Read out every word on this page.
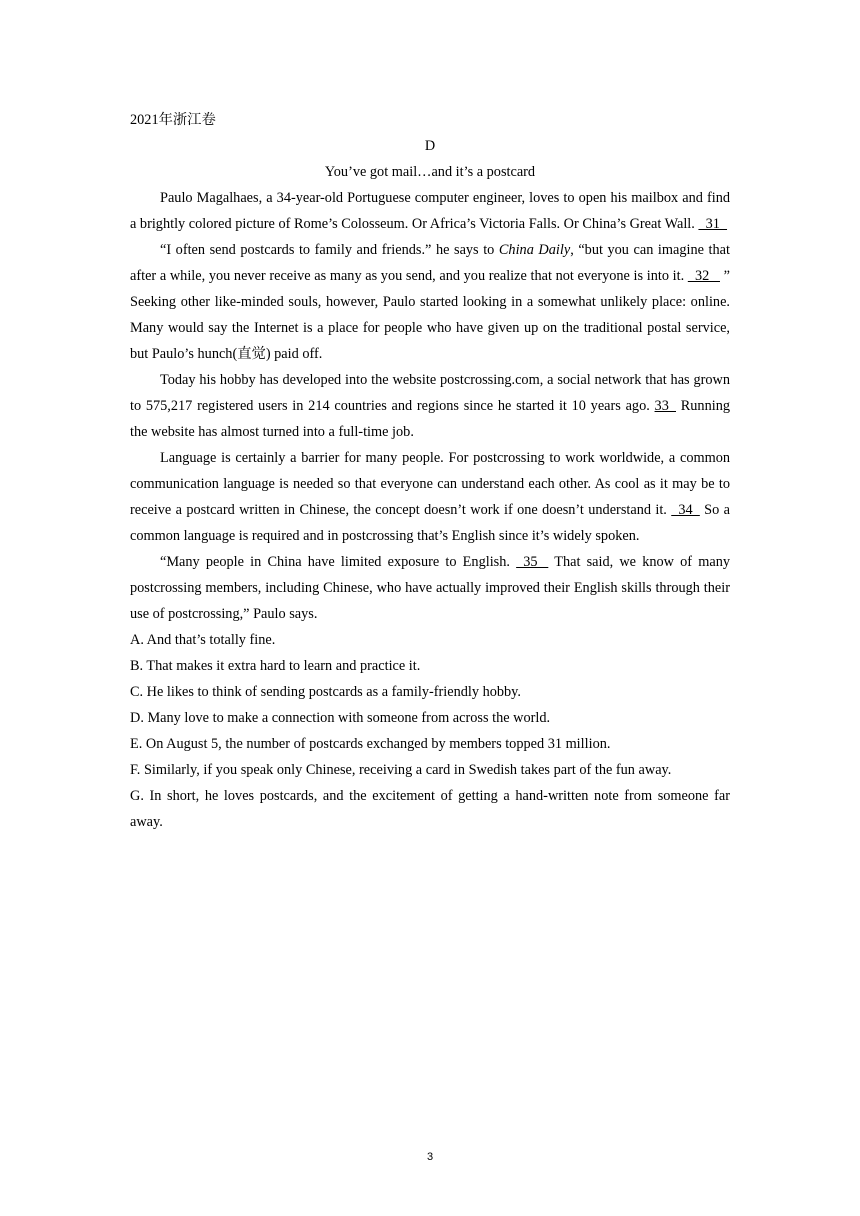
2021年浙江卷

D

You’ve got mail…and it’s a postcard

Paulo Magalhaes, a 34-year-old Portuguese computer engineer, loves to open his mailbox and find a brightly colored picture of Rome’s Colosseum. Or Africa’s Victoria Falls. Or China’s Great Wall.   31

“I often send postcards to family and friends.” he says to China Daily, “but you can imagine that after a while, you never receive as many as you send, and you realize that not everyone is into it.   32    ” Seeking other like-minded souls, however, Paulo started looking in a somewhat unlikely place: online. Many would say the Internet is a place for people who have given up on the traditional postal service, but Paulo’s hunch(直觉) paid off.

Today his hobby has developed into the website postcrossing.com, a social network that has grown to 575,217 registered users in 214 countries and regions since he started it 10 years ago. 33   Running the website has almost turned into a full-time job.

Language is certainly a barrier for many people. For postcrossing to work worldwide, a common communication language is needed so that everyone can understand each other. As cool as it may be to receive a postcard written in Chinese, the concept doesn’t work if one doesn’t understand it.   34   So a common language is required and in postcrossing that’s English since it’s widely spoken.

“Many people in China have limited exposure to English.   35    That said, we know of many postcrossing members, including Chinese, who have actually improved their English skills through their use of postcrossing,” Paulo says.

A. And that’s totally fine.

B. That makes it extra hard to learn and practice it.

C. He likes to think of sending postcards as a family-friendly hobby.

D. Many love to make a connection with someone from across the world.

E. On August 5, the number of postcards exchanged by members topped 31 million.

F. Similarly, if you speak only Chinese, receiving a card in Swedish takes part of the fun away.

G. In short, he loves postcards, and the excitement of getting a hand-written note from someone far away.

3
